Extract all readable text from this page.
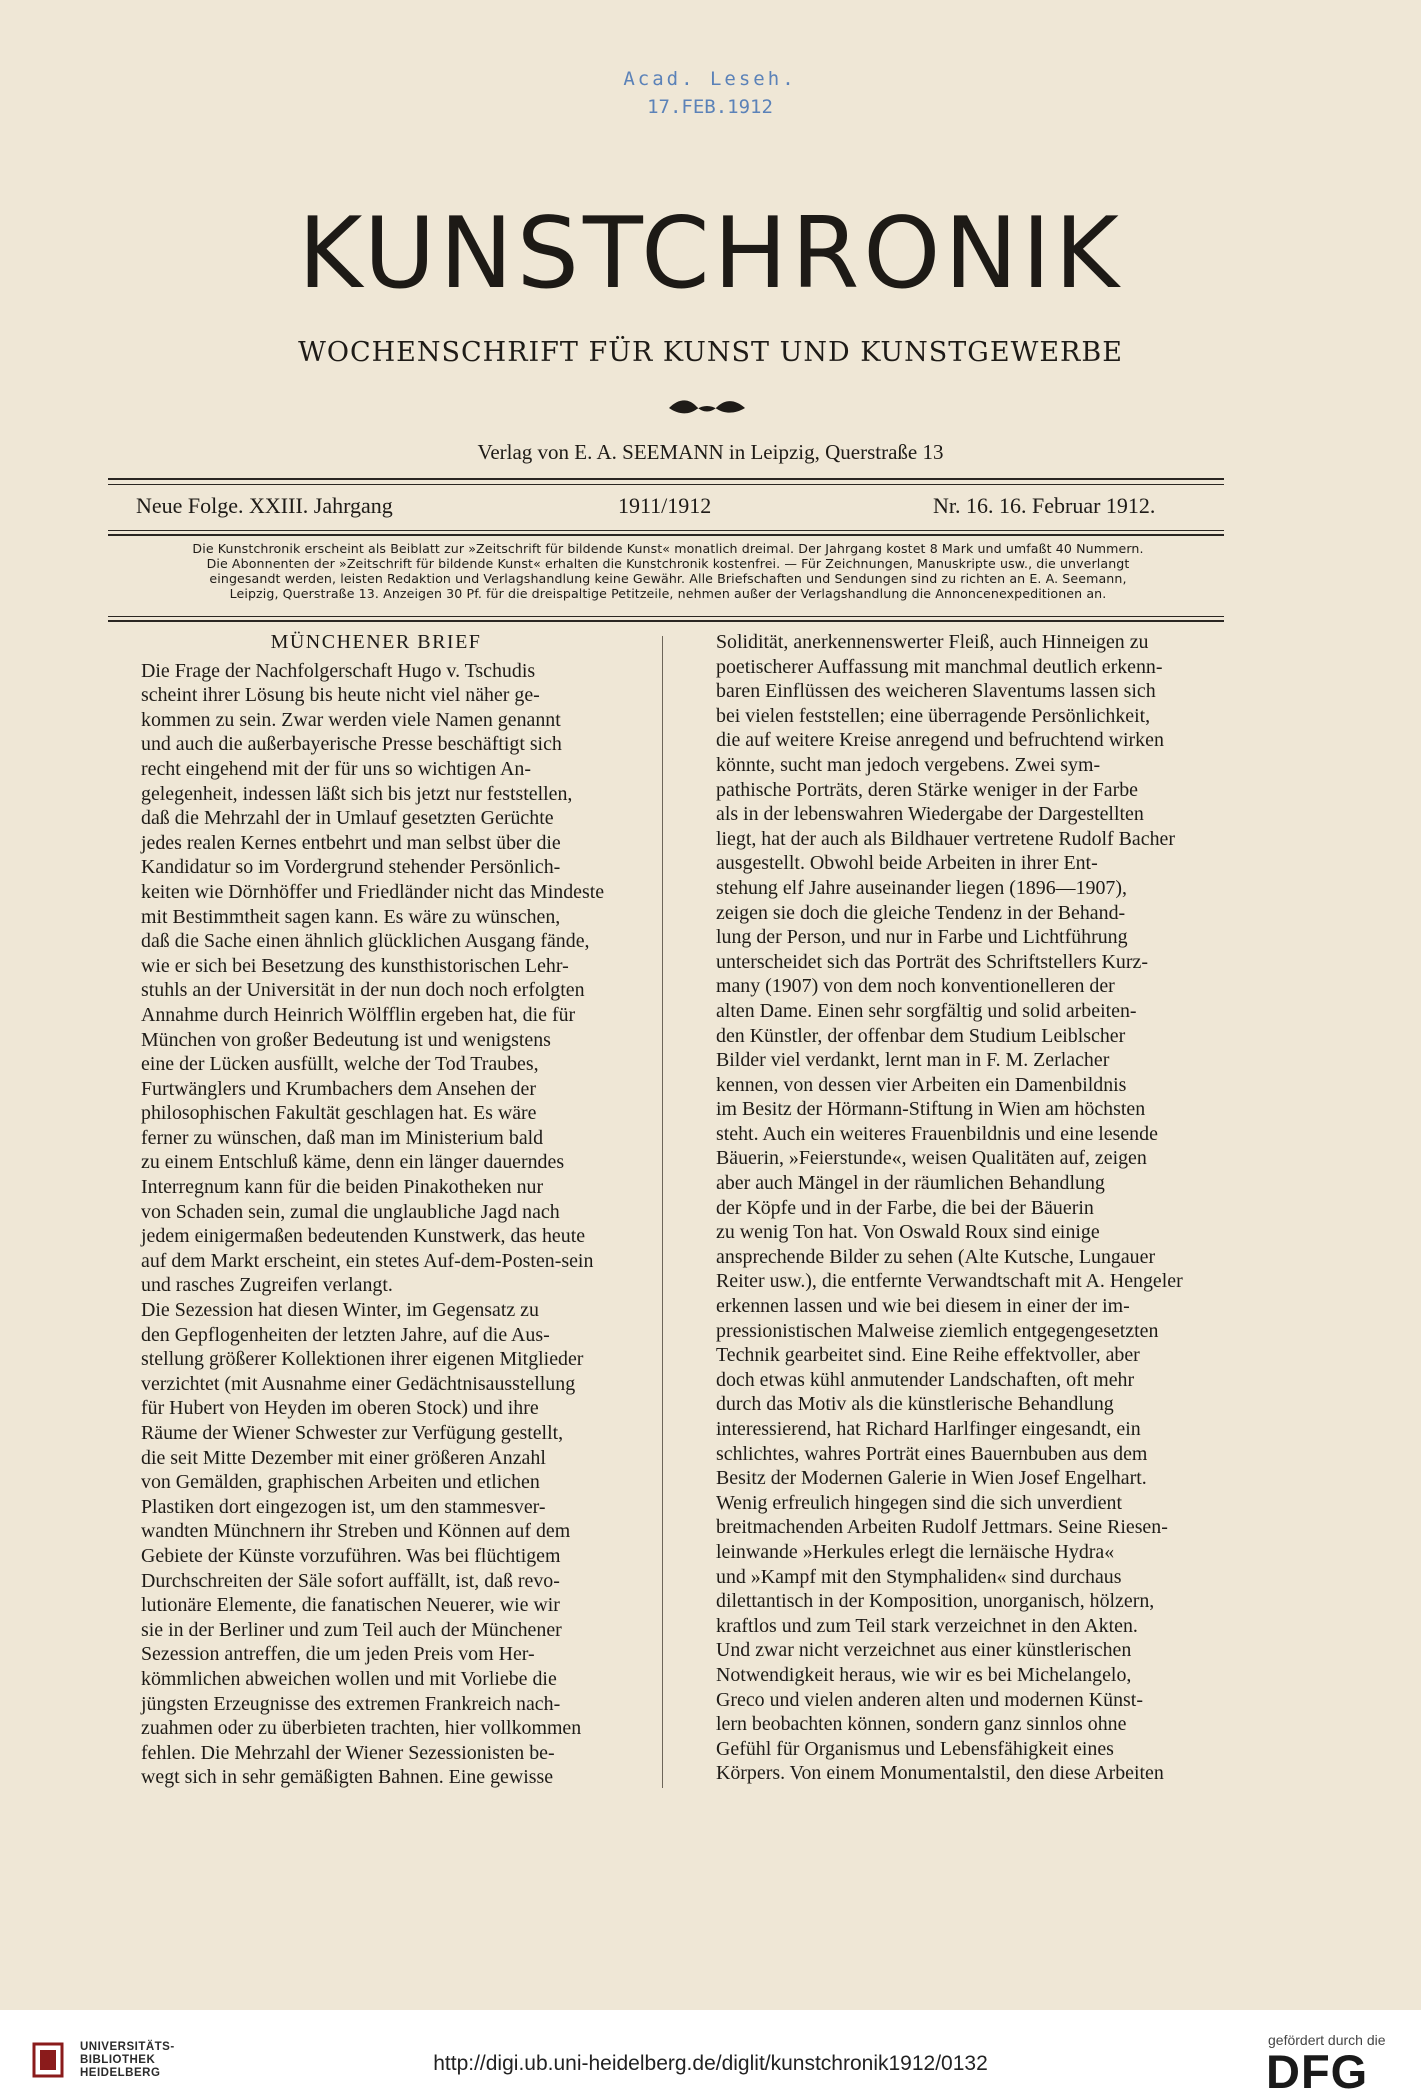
Acad. Leseh.
17.FEB.1912
KUNSTCHRONIK
WOCHENSCHRIFT FÜR KUNST UND KUNSTGEWERBE
Verlag von E. A. SEEMANN in Leipzig, Querstraße 13
Neue Folge. XXIII. Jahrgang	1911/1912	Nr. 16. 16. Februar 1912.
Die Kunstchronik erscheint als Beiblatt zur »Zeitschrift für bildende Kunst« monatlich dreimal. Der Jahrgang kostet 8 Mark und umfaßt 40 Nummern.
Die Abonnenten der »Zeitschrift für bildende Kunst« erhalten die Kunstchronik kostenfrei. — Für Zeichnungen, Manuskripte usw., die unverlangt
eingesandt werden, leisten Redaktion und Verlagshandlung keine Gewähr. Alle Briefschaften und Sendungen sind zu richten an E. A. Seemann,
Leipzig, Querstraße 13. Anzeigen 30 Pf. für die dreispaltige Petitzeile, nehmen außer der Verlagshandlung die Annoncenexpeditionen an.

MÜNCHENER BRIEF

Die Frage der Nachfolgerschaft Hugo v. Tschudis
scheint ihrer Lösung bis heute nicht viel näher ge-
kommen zu sein. Zwar werden viele Namen genannt
und auch die außerbayerische Presse beschäftigt sich
recht eingehend mit der für uns so wichtigen An-
gelegenheit, indessen läßt sich bis jetzt nur feststellen,
daß die Mehrzahl der in Umlauf gesetzten Gerüchte
jedes realen Kernes entbehrt und man selbst über die
Kandidatur so im Vordergrund stehender Persönlich-
keiten wie Dörnhöffer und Friedländer nicht das Mindeste
mit Bestimmtheit sagen kann. Es wäre zu wünschen,
daß die Sache einen ähnlich glücklichen Ausgang fände,
wie er sich bei Besetzung des kunsthistorischen Lehr-
stuhls an der Universität in der nun doch noch erfolgten
Annahme durch Heinrich Wölfflin ergeben hat, die für
München von großer Bedeutung ist und wenigstens
eine der Lücken ausfüllt, welche der Tod Traubes,
Furtwänglers und Krumbachers dem Ansehen der
philosophischen Fakultät geschlagen hat. Es wäre
ferner zu wünschen, daß man im Ministerium bald
zu einem Entschluß käme, denn ein länger dauerndes
Interregnum kann für die beiden Pinakotheken nur
von Schaden sein, zumal die unglaubliche Jagd nach
jedem einigermaßen bedeutenden Kunstwerk, das heute
auf dem Markt erscheint, ein stetes Auf-dem-Posten-sein
und rasches Zugreifen verlangt.

Die Sezession hat diesen Winter, im Gegensatz zu
den Gepflogenheiten der letzten Jahre, auf die Aus-
stellung größerer Kollektionen ihrer eigenen Mitglieder
verzichtet (mit Ausnahme einer Gedächtnisausstellung
für Hubert von Heyden im oberen Stock) und ihre
Räume der Wiener Schwester zur Verfügung gestellt,
die seit Mitte Dezember mit einer größeren Anzahl
von Gemälden, graphischen Arbeiten und etlichen
Plastiken dort eingezogen ist, um den stammesver-
wandten Münchnern ihr Streben und Können auf dem
Gebiete der Künste vorzuführen. Was bei flüchtigem
Durchschreiten der Säle sofort auffällt, ist, daß revo-
lutionäre Elemente, die fanatischen Neuerer, wie wir
sie in der Berliner und zum Teil auch der Münchener
Sezession antreffen, die um jeden Preis vom Her-
kömmlichen abweichen wollen und mit Vorliebe die
jüngsten Erzeugnisse des extremen Frankreich nach-
zuahmen oder zu überbieten trachten, hier vollkommen
fehlen. Die Mehrzahl der Wiener Sezessionisten be-
wegt sich in sehr gemäßigten Bahnen. Eine gewisse

Solidität, anerkennenswerter Fleiß, auch Hinneigen zu
poetischerer Auffassung mit manchmal deutlich erkenn-
baren Einflüssen des weicheren Slaventums lassen sich
bei vielen feststellen; eine überragende Persönlichkeit,
die auf weitere Kreise anregend und befruchtend wirken
könnte, sucht man jedoch vergebens. Zwei sym-
pathische Porträts, deren Stärke weniger in der Farbe
als in der lebenswahren Wiedergabe der Dargestellten
liegt, hat der auch als Bildhauer vertretene Rudolf Bacher
ausgestellt. Obwohl beide Arbeiten in ihrer Ent-
stehung elf Jahre auseinander liegen (1896—1907),
zeigen sie doch die gleiche Tendenz in der Behand-
lung der Person, und nur in Farbe und Lichtführung
unterscheidet sich das Porträt des Schriftstellers Kurz-
many (1907) von dem noch konventionelleren der
alten Dame. Einen sehr sorgfältig und solid arbeiten-
den Künstler, der offenbar dem Studium Leiblscher
Bilder viel verdankt, lernt man in F. M. Zerlacher
kennen, von dessen vier Arbeiten ein Damenbildnis
im Besitz der Hörmann-Stiftung in Wien am höchsten
steht. Auch ein weiteres Frauenbildnis und eine lesende
Bäuerin, »Feierstunde«, weisen Qualitäten auf, zeigen
aber auch Mängel in der räumlichen Behandlung
der Köpfe und in der Farbe, die bei der Bäuerin
zu wenig Ton hat. Von Oswald Roux sind einige
ansprechende Bilder zu sehen (Alte Kutsche, Lungauer
Reiter usw.), die entfernte Verwandtschaft mit A. Hengeler
erkennen lassen und wie bei diesem in einer der im-
pressionistischen Malweise ziemlich entgegengesetzten
Technik gearbeitet sind. Eine Reihe effektvoller, aber
doch etwas kühl anmutender Landschaften, oft mehr
durch das Motiv als die künstlerische Behandlung
interessierend, hat Richard Harlfinger eingesandt, ein
schlichtes, wahres Porträt eines Bauernbuben aus dem
Besitz der Modernen Galerie in Wien Josef Engelhart.

Wenig erfreulich hingegen sind die sich unverdient
breitmachenden Arbeiten Rudolf Jettmars. Seine Riesen-
leinwande »Herkules erlegt die lernäische Hydra«
und »Kampf mit den Stymphaliden« sind durchaus
dilettantisch in der Komposition, unorganisch, hölzern,
kraftlos und zum Teil stark verzeichnet in den Akten.
Und zwar nicht verzeichnet aus einer künstlerischen
Notwendigkeit heraus, wie wir es bei Michelangelo,
Greco und vielen anderen alten und modernen Künst-
lern beobachten können, sondern ganz sinnlos ohne
Gefühl für Organismus und Lebensfähigkeit eines
Körpers. Von einem Monumentalstil, den diese Arbeiten

UNIVERSITÄTS-
BIBLIOTHEK
HEIDELBERG	http://digi.ub.uni-heidelberg.de/diglit/kunstchronik1912/0132
gefördert durch die
DFG
